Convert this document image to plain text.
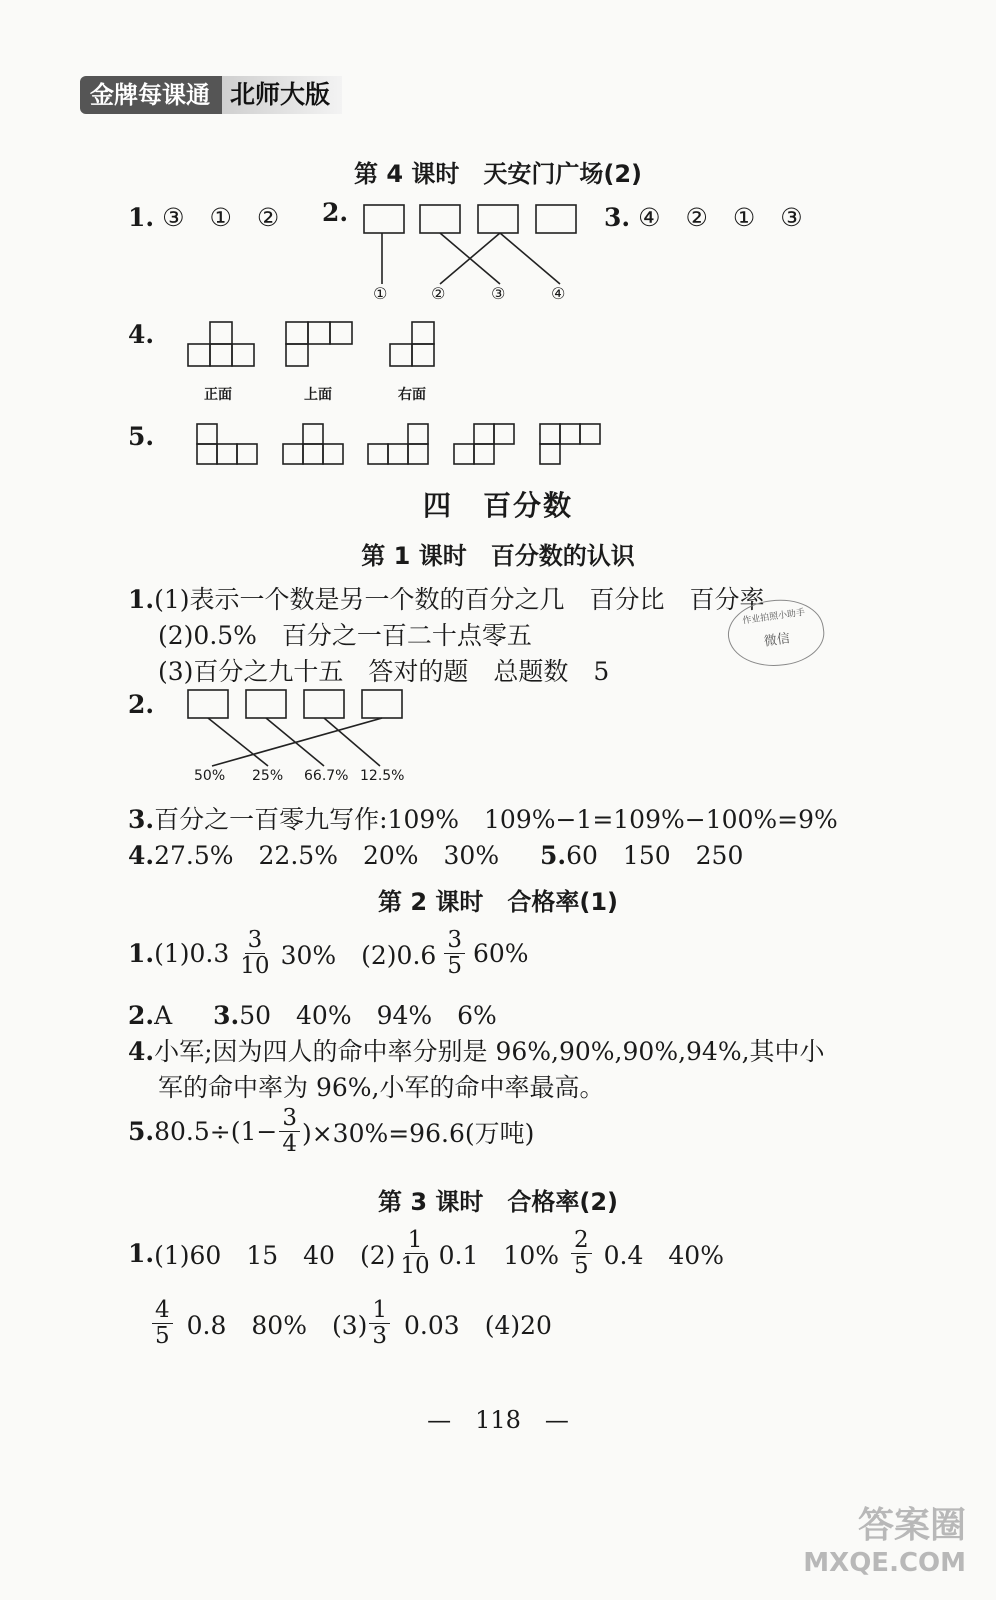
金牌每课通 北师大版
第 4 课时　天安门广场(2)
1. ③　①　② 2.	3. ④　②　①　③
①	②	③	④
4.
正面	上面	右面
5.
四　百分数
第 1 课时　百分数的认识
1.(1)表示一个数是另一个数的百分之几　百分比　百分率
(2)0.5%　百分之一百二十点零五
(3)百分之九十五　答对的题　总题数　5
作业拍照小助手
微信
2.
50% 25% 66.7% 12.5%
3.百分之一百零九写作:109%　109%−1=109%−100%=9%
4.27.5%　22.5%　20%　30% 　 5.60　150　250
第 2 课时　合格率(1)
1. $(1)0.3 \frac{3}{10} 30\%$　$(2)0.6 \frac{3}{5} 60\%$
2.A 　 3.50　40%　94%　6%
4.小军;因为四人的命中率分别是 96%,90%,90%,94%,其中小
军的命中率为 96%,小军的命中率最高。
5. $80.5\div(1- \frac{3}{4} )\times 30\%=96.6$(万吨)
第 3 课时　合格率(2)
1. (1)60　15　40　$(2) \frac{1}{10} 0.1$　$10\% \frac{2}{5} 0.4$　40%
$\frac{4}{5} 0.8$　80%　$(3) \frac{1}{3} 0.03$　(4)20
—　118　—
答案圈
MXQE.COM
